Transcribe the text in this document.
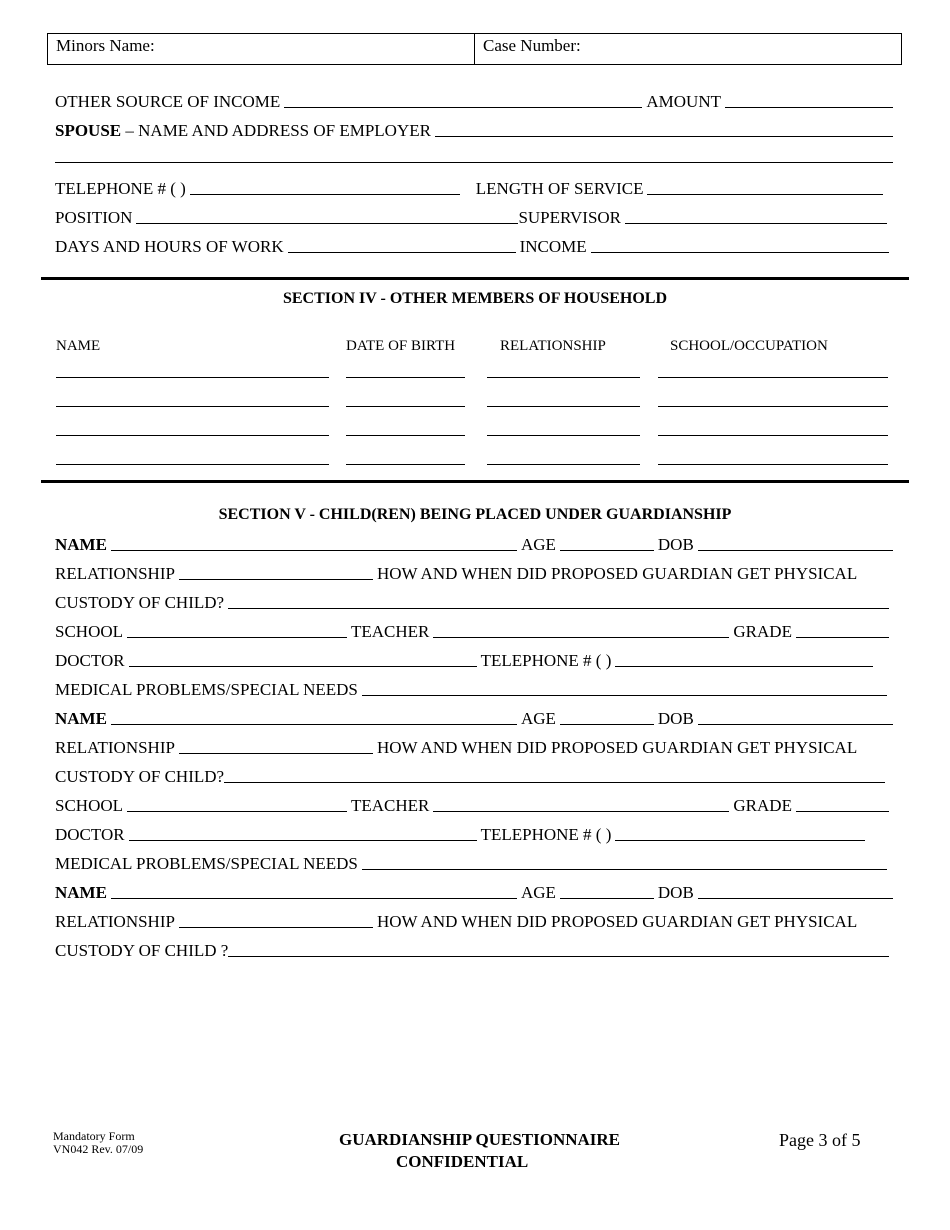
Minors Name:	Case Number:
OTHER SOURCE OF INCOME	AMOUNT
SPOUSE – NAME AND ADDRESS OF EMPLOYER
TELEPHONE # ( )	LENGTH OF SERVICE
POSITION	SUPERVISOR
DAYS AND HOURS OF WORK	INCOME
SECTION IV - OTHER MEMBERS OF HOUSEHOLD
NAME	DATE OF BIRTH	RELATIONSHIP	SCHOOL/OCCUPATION
SECTION V - CHILD(REN) BEING PLACED UNDER GUARDIANSHIP
NAME	AGE	DOB
RELATIONSHIP	HOW AND WHEN DID PROPOSED GUARDIAN GET PHYSICAL
CUSTODY OF CHILD?
SCHOOL	TEACHER	GRADE
DOCTOR	TELEPHONE # ( )
MEDICAL PROBLEMS/SPECIAL NEEDS
NAME	AGE	DOB
RELATIONSHIP	HOW AND WHEN DID PROPOSED GUARDIAN GET PHYSICAL
CUSTODY OF CHILD?
SCHOOL	TEACHER	GRADE
DOCTOR	TELEPHONE # ( )
MEDICAL PROBLEMS/SPECIAL NEEDS
NAME	AGE	DOB
RELATIONSHIP	HOW AND WHEN DID PROPOSED GUARDIAN GET PHYSICAL
CUSTODY OF CHILD ?
Mandatory Form
VN042 Rev. 07/09	GUARDIANSHIP QUESTIONNAIRE
CONFIDENTIAL
Page 3 of 5
